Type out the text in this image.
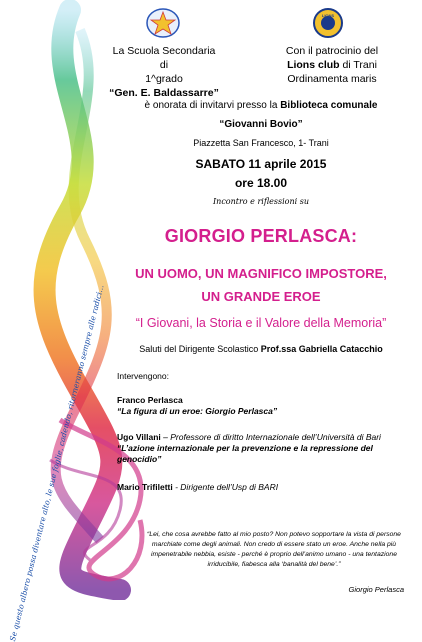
Se questo albero possa diventare alto, le sue foglie, cadendo, ritorneranno sempre alle radici...
LIONS
La Scuola Secondaria di
1^grado
“Gen. E. Baldassarre”
Con il patrocinio del
Lions club di Trani
Ordinamenta maris
è onorata di invitarvi presso la Biblioteca comunale
“Giovanni Bovio”
Piazzetta San Francesco, 1- Trani
SABATO 11 aprile 2015
ore 18.00
Incontro e riflessioni su
GIORGIO PERLASCA:
UN UOMO, UN MAGNIFICO IMPOSTORE,
UN GRANDE EROE
“I Giovani, la Storia e il Valore della Memoria”
Saluti del Dirigente Scolastico Prof.ssa Gabriella Catacchio
Intervengono:
Franco Perlasca
“La figura di un eroe: Giorgio Perlasca”
Ugo Villani – Professore di diritto Internazionale dell’Università di Bari
“L’azione internazionale per la prevenzione e la repressione del genocidio”
Mario Trifiletti - Dirigente dell’Usp di BARI
“Lei, che cosa avrebbe fatto al mio posto? Non potevo sopportare la vista di persone marchiate come degli animali. Non credo di essere stato un eroe. Anche nella più impenetrabile nebbia, esiste - perché è proprio dell’animo umano - una tentazione irriducibile, fiabesca alla ‘banalità del bene’.”
Giorgio Perlasca
